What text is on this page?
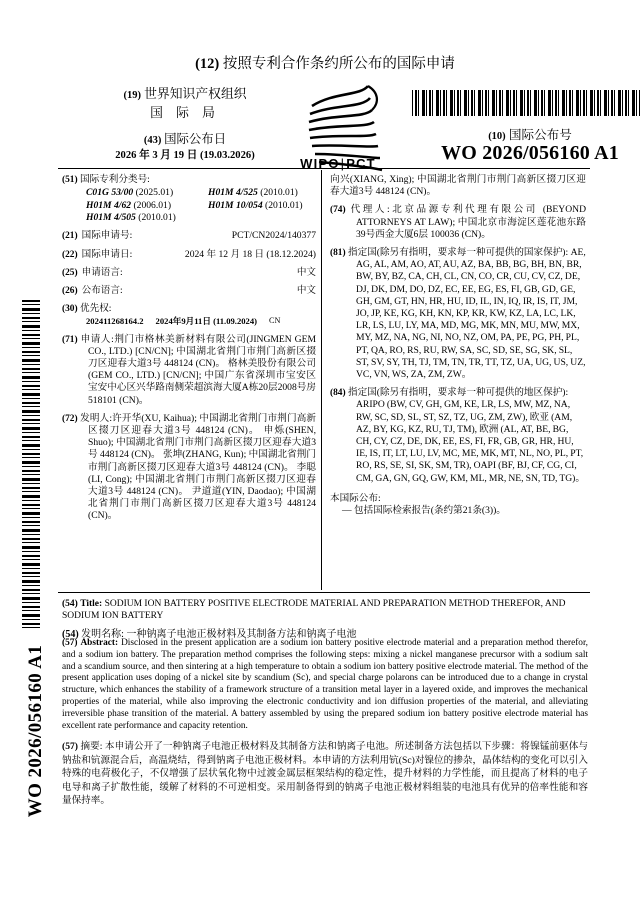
WO 2026/056160 A1
(12) 按照专利合作条约所公布的国际申请
(19) 世界知识产权组织
国 际 局
(43) 国际公布日
2026 年 3 月 19 日 (19.03.2026)
WIPO|PCT
(10) 国际公布号
WO 2026/056160 A1
(51) 国际专利分类号:
C01G 53/00 (2025.01)	H01M 4/525 (2010.01)
H01M 4/62 (2006.01)	H01M 10/054 (2010.01)
H01M 4/505 (2010.01)
(21) 国际申请号:	PCT/CN2024/140377
(22) 国际申请日:	2024 年 12 月 18 日 (18.12.2024)
(25) 申请语言:	中文
(26) 公布语言:	中文
(30) 优先权:
202411268164.2 2024年9月11日 (11.09.2024) CN
(71) 申请人:荆门市格林美新材料有限公司(JINGMEN GEM CO., LTD.) [CN/CN]; 中国湖北省荆门市荆门高新区掇刀区迎春大道3号 448124 (CN)。 格林美股份有限公司(GEM CO., LTD.) [CN/CN]; 中国广东省深圳市宝安区宝安中心区兴华路南侧荣超滨海大厦A栋20层2008号房 518101 (CN)。
(72) 发明人:许开华(XU, Kaihua); 中国湖北省荆门市荆门高新区掇刀区迎春大道3号 448124 (CN)。 申烁(SHEN, Shuo); 中国湖北省荆门市荆门高新区掇刀区迎春大道3号 448124 (CN)。 张坤(ZHANG, Kun); 中国湖北省荆门市荆门高新区掇刀区迎春大道3号 448124 (CN)。 李聪(LI, Cong); 中国湖北省荆门市荆门高新区掇刀区迎春大道3号 448124 (CN)。 尹道道(YIN, Daodao); 中国湖北省荆门市荆门高新区掇刀区迎春大道3号 448124 (CN)。
向兴(XIANG, Xing); 中国湖北省荆门市荆门高新区掇刀区迎春大道3号 448124 (CN)。
(74) 代理人:北京品源专利代理有限公司 (BEYOND ATTORNEYS AT LAW); 中国北京市海淀区莲花池东路39号西金大厦6层 100036 (CN)。
(81) 指定国(除另有指明，要求每一种可提供的国家保护): AE, AG, AL, AM, AO, AT, AU, AZ, BA, BB, BG, BH, BN, BR, BW, BY, BZ, CA, CH, CL, CN, CO, CR, CU, CV, CZ, DE, DJ, DK, DM, DO, DZ, EC, EE, EG, ES, FI, GB, GD, GE, GH, GM, GT, HN, HR, HU, ID, IL, IN, IQ, IR, IS, IT, JM, JO, JP, KE, KG, KH, KN, KP, KR, KW, KZ, LA, LC, LK, LR, LS, LU, LY, MA, MD, MG, MK, MN, MU, MW, MX, MY, MZ, NA, NG, NI, NO, NZ, OM, PA, PE, PG, PH, PL, PT, QA, RO, RS, RU, RW, SA, SC, SD, SE, SG, SK, SL, ST, SV, SY, TH, TJ, TM, TN, TR, TT, TZ, UA, UG, US, UZ, VC, VN, WS, ZA, ZM, ZW。
(84) 指定国(除另有指明，要求每一种可提供的地区保护): ARIPO (BW, CV, GH, GM, KE, LR, LS, MW, MZ, NA, RW, SC, SD, SL, ST, SZ, TZ, UG, ZM, ZW), 欧亚 (AM, AZ, BY, KG, KZ, RU, TJ, TM), 欧洲 (AL, AT, BE, BG, CH, CY, CZ, DE, DK, EE, ES, FI, FR, GB, GR, HR, HU, IE, IS, IT, LT, LU, LV, MC, ME, MK, MT, NL, NO, PL, PT, RO, RS, SE, SI, SK, SM, TR), OAPI (BF, BJ, CF, CG, CI, CM, GA, GN, GQ, GW, KM, ML, MR, NE, SN, TD, TG)。
本国际公布:
— 包括国际检索报告(条约第21条(3))。
(54) Title: SODIUM ION BATTERY POSITIVE ELECTRODE MATERIAL AND PREPARATION METHOD THEREFOR, AND SODIUM ION BATTERY
(54) 发明名称: 一种钠离子电池正极材料及其制备方法和钠离子电池
(57) Abstract: Disclosed in the present application are a sodium ion battery positive electrode material and a preparation method therefor, and a sodium ion battery. The preparation method comprises the following steps: mixing a nickel manganese precursor with a sodium salt and a scandium source, and then sintering at a high temperature to obtain a sodium ion battery positive electrode material. The method of the present application uses doping of a nickel site by scandium (Sc), and special charge polarons can be introduced due to a change in crystal structure, which enhances the stability of a framework structure of a transition metal layer in a layered oxide, and improves the mechanical properties of the material, while also improving the electronic conductivity and ion diffusion properties of the material, and alleviating irreversible phase transition of the material. A battery assembled by using the prepared sodium ion battery positive electrode material has excellent rate performance and capacity retention.
(57) 摘要: 本申请公开了一种钠离子电池正极材料及其制备方法和钠离子电池。所述制备方法包括以下步骤：将镍锰前驱体与钠盐和钪源混合后，高温烧结，得到钠离子电池正极材料。本申请的方法利用钪(Sc)对镍位的掺杂，晶体结构的变化可以引入特殊的电荷极化子，不仅增强了层状氧化物中过渡金属层框架结构的稳定性，提升材料的力学性能，而且提高了材料的电子电导和离子扩散性能，缓解了材料的不可逆相变。采用制备得到的钠离子电池正极材料组装的电池具有优异的倍率性能和容量保持率。
